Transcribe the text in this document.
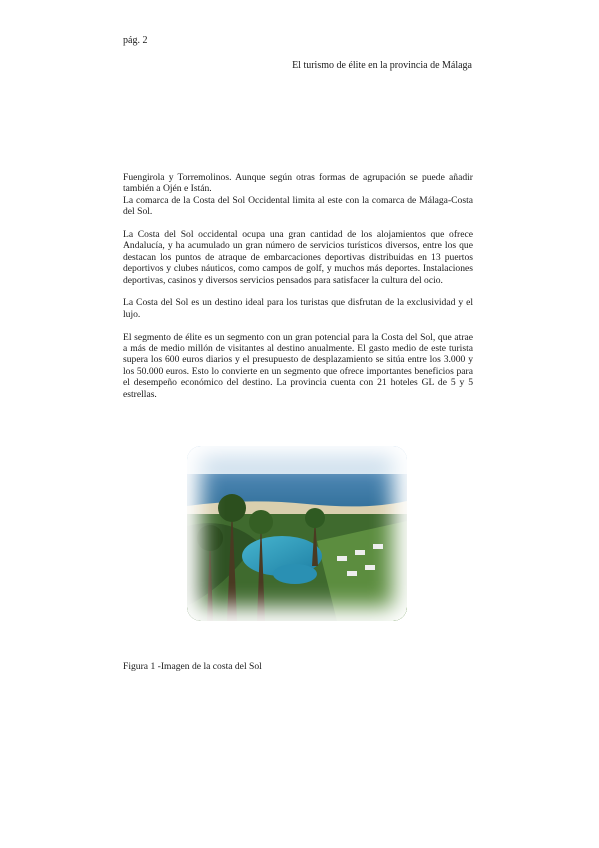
pág. 2
El turismo de élite en la provincia de Málaga

Fuengirola y Torremolinos. Aunque según otras formas de agrupación se puede añadir también a Ojén e Istán.

La comarca de la Costa del Sol Occidental limita al este con la comarca de Málaga-Costa del Sol.

La Costa del Sol occidental ocupa una gran cantidad de los alojamientos que ofrece Andalucía, y ha acumulado un gran número de servicios turísticos diversos, entre los que destacan los puntos de atraque de embarcaciones deportivas distribuidas en 13 puertos deportivos y clubes náuticos, como campos de golf, y muchos más deportes. Instalaciones deportivas, casinos y diversos servicios pensados para satisfacer la cultura del ocio.

La Costa del Sol es un destino ideal para los turistas que disfrutan de la exclusividad y el lujo.

El segmento de élite es un segmento con un gran potencial para la Costa del Sol, que atrae a más de medio millón de visitantes al destino anualmente. El gasto medio de este turista supera los 600 euros diarios y el presupuesto de desplazamiento se sitúa entre los 3.000 y los 50.000 euros. Esto lo convierte en un segmento que ofrece importantes beneficios para el desempeño económico del destino. La provincia cuenta con 21 hoteles GL de 5 y 5 estrellas.

Figura 1 -Imagen de la costa del Sol
